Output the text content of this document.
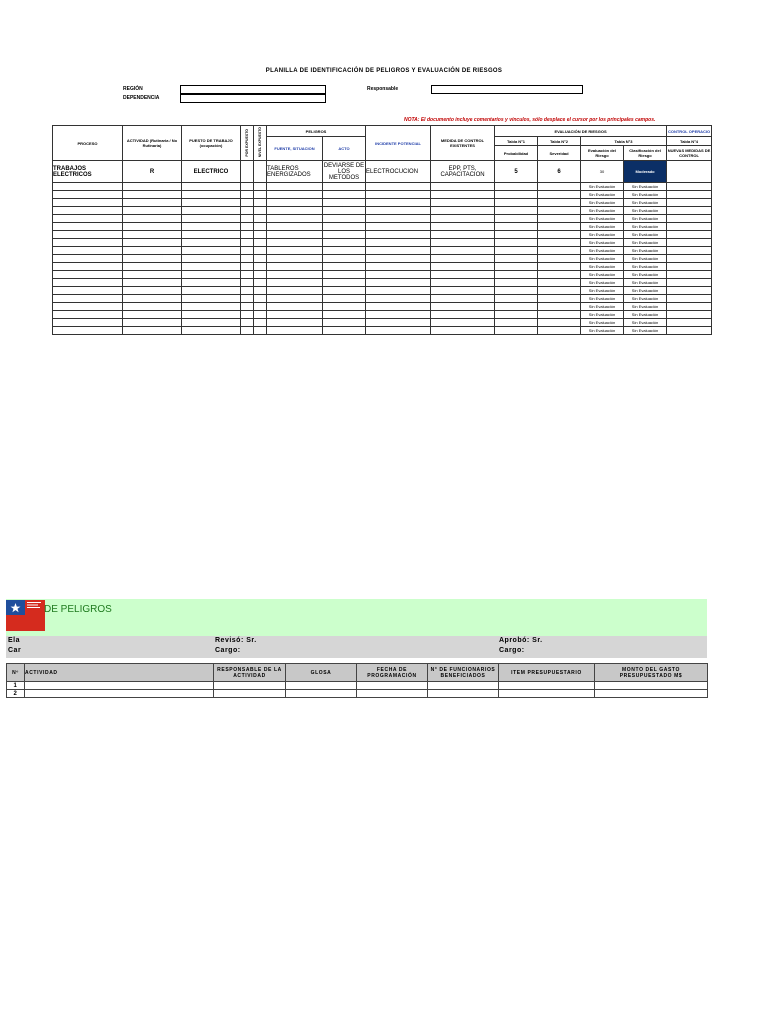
PLANILLA DE IDENTIFICACIÓN DE PELIGROS Y EVALUACIÓN DE RIESGOS
REGIÓN
DEPENDENCIA
Responsable
NOTA: El documento incluye comentarios y vínculos, sólo desplace el cursor por los principales campos.
PROCESO	ACTIVIDAD (Rutinaria / No Rutinaria)	PUESTO DE TRABAJO (ocupación)	POR EXPUESTO	NIVEL EXPUESTO	PELIGROS		INCIDENTE POTENCIAL	MEDIDA DE CONTROL EXISTENTES	EVALUACIÓN DE RIESGOS				CONTROL OPERACIO
					FUENTE, SITUACION	ACTO			Tabla N°1	Tabla N°2	Tabla N°3		Tabla N°4
									Probabilidad	Severidad	Evaluación del Riesgo	Clasificación del Riesgo	NUEVAS MEDIDAS DE CONTROL
TRABAJOS ELECTRICOS	R	ELECTRICO			TABLEROS ENERGIZADOS	DEVIARSE DE LOS METODOS	ELECTROCUCION	EPP, PTS, CAPACITACION	5	6	30	Moderado	
											Sin Evaluación	Sin Evaluación	
											Sin Evaluación	Sin Evaluación	
											Sin Evaluación	Sin Evaluación	
											Sin Evaluación	Sin Evaluación	
											Sin Evaluación	Sin Evaluación	
											Sin Evaluación	Sin Evaluación	
											Sin Evaluación	Sin Evaluación	
											Sin Evaluación	Sin Evaluación	
											Sin Evaluación	Sin Evaluación	
											Sin Evaluación	Sin Evaluación	
											Sin Evaluación	Sin Evaluación	
											Sin Evaluación	Sin Evaluación	
											Sin Evaluación	Sin Evaluación	
											Sin Evaluación	Sin Evaluación	
											Sin Evaluación	Sin Evaluación	
											Sin Evaluación	Sin Evaluación	
											Sin Evaluación	Sin Evaluación	
											Sin Evaluación	Sin Evaluación	
											Sin Evaluación	Sin Evaluación	
DE PELIGROS
Ela
Car
Revisó: Sr.
Cargo:
Aprobó: Sr.
Cargo:
Nº	ACTIVIDAD	RESPONSABLE DE LA ACTIVIDAD	GLOSA	FECHA DE PROGRAMACIÓN	N° DE FUNCIONARIOS BENEFICIADOS	ITEM PRESUPUESTARIO	MONTO DEL GASTO PRESUPUESTADO M$
1							
2							
